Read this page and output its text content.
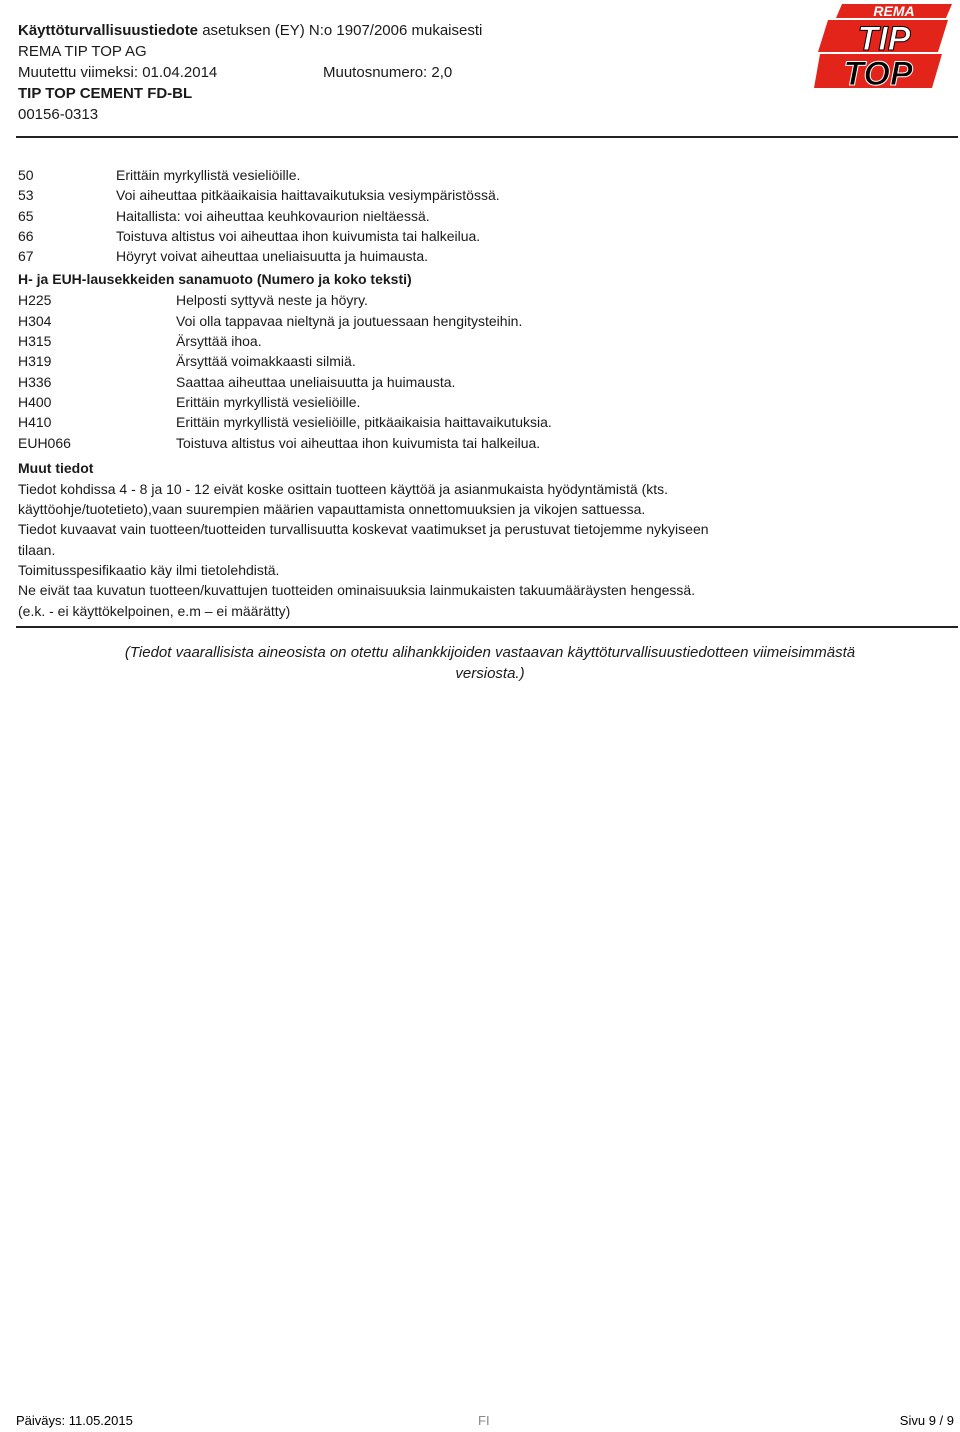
Käyttöturvallisuustiedote asetuksen (EY) N:o 1907/2006 mukaisesti
REMA TIP TOP AG
Muutettu viimeksi: 01.04.2014	Muutosnumero: 2,0
TIP TOP CEMENT FD-BL
00156-0313
REMA
TIP
TOP
50	Erittäin myrkyllistä vesieliöille.
53	Voi aiheuttaa pitkäaikaisia haittavaikutuksia vesiympäristössä.
65	Haitallista: voi aiheuttaa keuhkovaurion nieltäessä.
66	Toistuva altistus voi aiheuttaa ihon kuivumista tai halkeilua.
67	Höyryt voivat aiheuttaa uneliaisuutta ja huimausta.
H- ja EUH-lausekkeiden sanamuoto (Numero ja koko teksti)
H225	Helposti syttyvä neste ja höyry.
H304	Voi olla tappavaa nieltynä ja joutuessaan hengitysteihin.
H315	Ärsyttää ihoa.
H319	Ärsyttää voimakkaasti silmiä.
H336	Saattaa aiheuttaa uneliaisuutta ja huimausta.
H400	Erittäin myrkyllistä vesieliöille.
H410	Erittäin myrkyllistä vesieliöille, pitkäaikaisia haittavaikutuksia.
EUH066	Toistuva altistus voi aiheuttaa ihon kuivumista tai halkeilua.
Muut tiedot

Tiedot kohdissa 4 - 8 ja 10 - 12 eivät koske osittain tuotteen käyttöä ja asianmukaista hyödyntämistä (kts.

käyttöohje/tuotetieto),vaan suurempien määrien vapauttamista onnettomuuksien ja vikojen sattuessa.

Tiedot kuvaavat vain tuotteen/tuotteiden turvallisuutta koskevat vaatimukset ja perustuvat tietojemme nykyiseen

tilaan.

Toimitusspesifikaatio käy ilmi tietolehdistä.

Ne eivät taa kuvatun tuotteen/kuvattujen tuotteiden ominaisuuksia lainmukaisten takuumääräysten hengessä.

(e.k. - ei käyttökelpoinen, e.m – ei määrätty)

(Tiedot vaarallisista aineosista on otettu alihankkijoiden vastaavan käyttöturvallisuustiedotteen viimeisimmästä
versiosta.)
Päiväys: 11.05.2015	FI	Sivu 9 / 9
